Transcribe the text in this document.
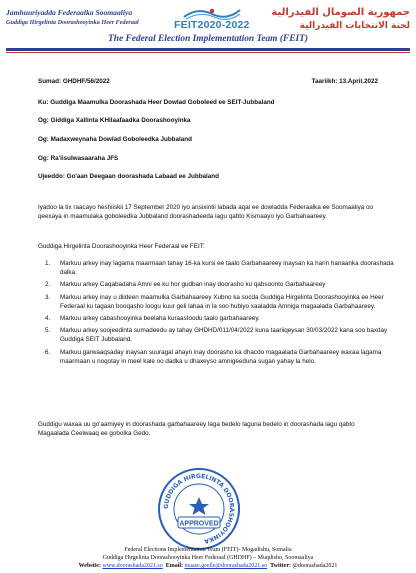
Jamhuuriyadda Federaalka Soomaaliya
Guddiga Hirgelinta Doorashooyinka Heer Federaal	FEIT2020-2022
جمهورية الصومال الفيدرالية
لجنة الانتخابات الفيدرالية
The Federal Election Implementation Team (FEIT)
Sumad: GHDHF/56/2022	Taariikh: 13.April.2022
Ku: Guddiga Maamulka Doorashada Heer Dowlad Goboleed ee SEIT-Jubbaland
Og: Giddiga Xallinta KHilaafaadka Doorashooyinka
Og: Madaxweynaha Dowlad Goboleedka Jubbaland
Og: Ra'iisulwasaaraha JFS
Ujeeddo: Go'aan Deegaan doorashada Labaad ee Jubbaland
Iyadoo la tix raacayo heshiiskii 17 September 2020 iyo ansixintii labada aqal ee dowladda Federaalka ee Soomaaliya oo qeexaya in maamulaka goboleedka Jubbaland doorashadeeda lagu qabto Kismaayo iyo Garbahaareey.
Guddiga Hirgelinta Doorashooyinka Heer Federaal ee FEIT:
1. Markuu arkey inay lagama maarmaan tahay 16-ka kursi ee taalo Garbahaareey inaysan ka harin hanaanka doorashada dalka.
2. Markuu arkey Caqabadaha Amni ee ku hor gudban inay doorasho ku qabsoonto Garbahaareey
3. Markuu arkey inay u diideen maamulka Garbahaareey Xubno ka socda Guddiga Hirgelinta Doorashooyinka ee Heer Federaal ku tagaan booqasho loogu kuur geli lahaa in la soo hubiyo xaaladda Amniga magaalada Garbahaareey.
4. Markuu arkey cabashooyinka beelaha kuraastoodu taalo garbahaareey.
5. Markuu arkey soojeedinta sumadeedu ay tahay GHDHD/011/04/2022 kuna taariiqeysan 30/03/2022 kana soo baxday Guddiga SEIT Jubbaland.
6. Markuu garwaaqsaday inaysan suuragal ahayn inay doorasho ka dhacdo magaalada Garbahaareey waxaa lagama maarmaan u noqotay in meel kale oo dadka u dhaxeyso amnigeeduna sugan yahay la helo.
Guddigu waxaa uu go'aamiyey in doorashada garbahaareey laga bedelo laguna bedelo in doorashada lagu qabto Magaalada Ceelwaaq ee gobolka Gedo.
GUDDIGA HIRGELINTA DOORASHOOYINKA
APPROVED
Federal Elections Implementation Team (FEIT)- Mogadishu, Somalia
Guddiga Hirgelinta Doorashooyinka Heer Federaal (GHDHF) – Muqdisho, Soomaaliya
Website: www.doorashada2021.so Email: maase.geelle@doorashada2021.so Twitter: @doorashada2021
